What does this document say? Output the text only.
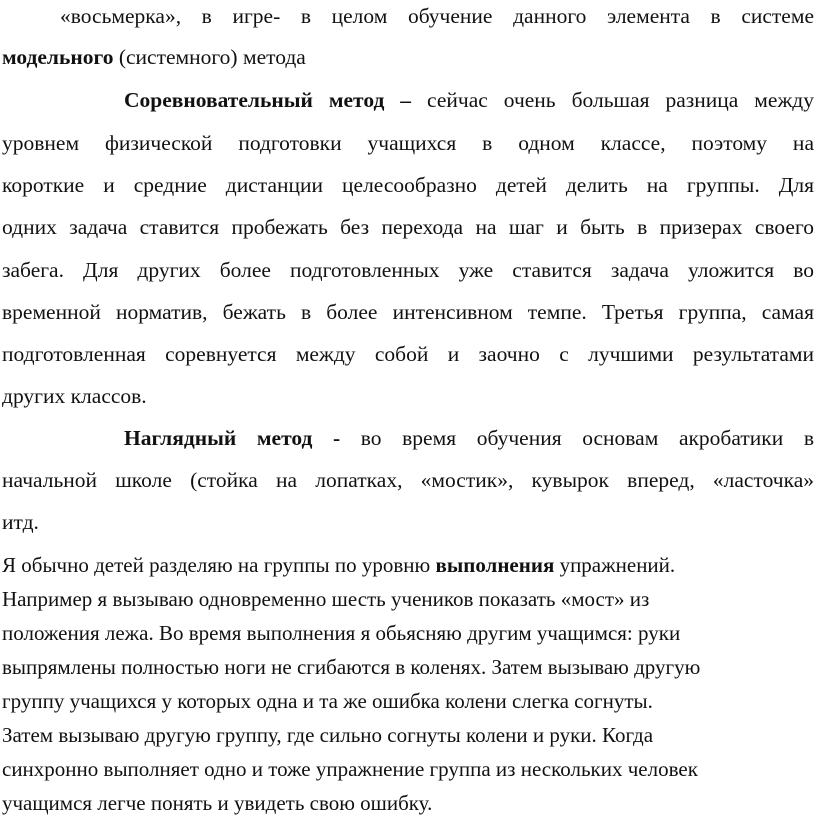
«восьмерка», в игре- в целом обучение данного элемента в системе
модельного (системного) метода
Соревновательный метод – сейчас очень большая разница между
уровнем физической подготовки учащихся в одном классе, поэтому на
короткие и средние дистанции целесообразно детей делить на группы. Для
одних задача ставится пробежать без перехода на шаг и быть в призерах своего
забега. Для других более подготовленных уже ставится задача уложится во
временной норматив, бежать в более интенсивном темпе. Третья группа, самая
подготовленная соревнуется между собой и заочно с лучшими результатами
других классов.
Наглядный метод - во время обучения основам акробатики в
начальной школе (стойка на лопатках, «мостик», кувырок вперед, «ласточка»
итд.
Я обычно детей разделяю на группы по уровню выполнения упражнений.
Например я вызываю одновременно шесть учеников показать «мост» из
положения лежа. Во время выполнения я обьясняю другим учащимся: руки
выпрямлены полностью ноги не сгибаются в коленях. Затем вызываю другую
группу учащихся у которых одна и та же ошибка колени слегка согнуты.
Затем вызываю другую группу, где сильно согнуты колени и руки. Когда
синхронно выполняет одно и тоже упражнение группа из нескольких человек
учащимся легче понять и увидеть свою ошибку.
